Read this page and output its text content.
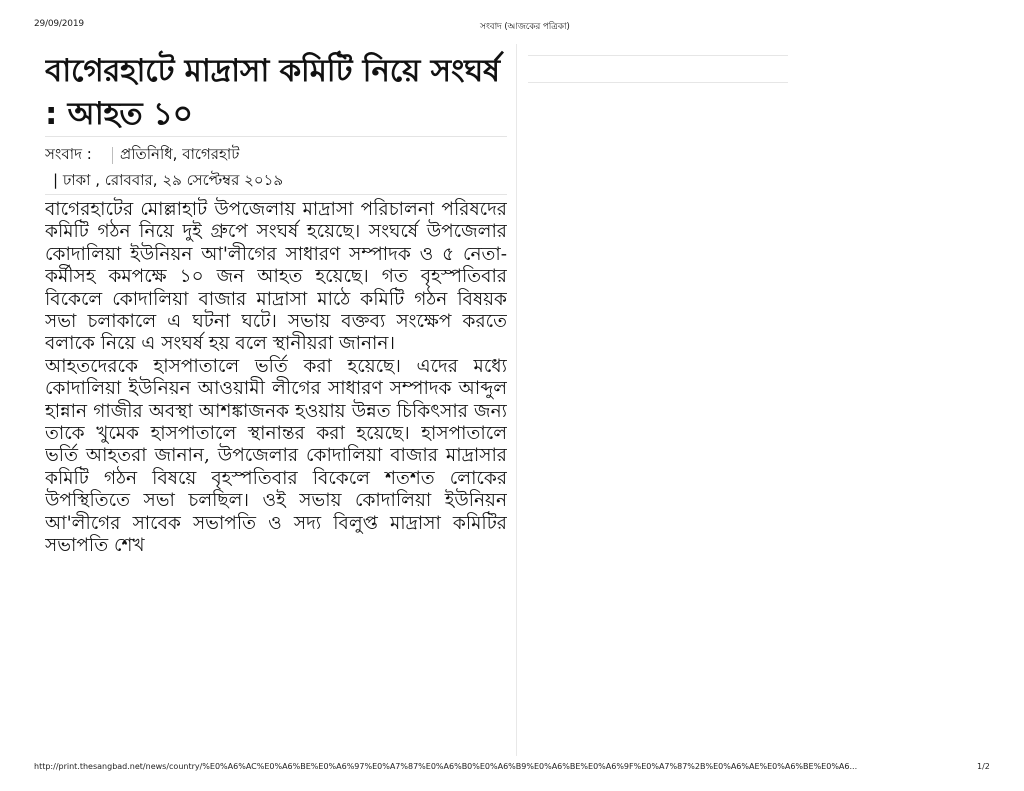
29/09/2019	সংবাদ (আজকের পত্রিকা)
বাগেরহাটে মাদ্রাসা কমিটি নিয়ে সংঘর্ষ : আহত ১০
সংবাদ :	প্রতিনিধি, বাগেরহাট
| ঢাকা , রোববার, ২৯ সেপ্টেম্বর ২০১৯

বাগেরহাটের মোল্লাহাট উপজেলায় মাদ্রাসা পরিচালনা পরিষদের কমিটি গঠন নিয়ে দুই গ্রুপে সংঘর্ষ হয়েছে। সংঘর্ষে উপজেলার কোদালিয়া ইউনিয়ন আ'লীগের সাধারণ সম্পাদক ও ৫ নেতা-কর্মীসহ কমপক্ষে ১০ জন আহত হয়েছে। গত বৃহস্পতিবার বিকেলে কোদালিয়া বাজার মাদ্রাসা মাঠে কমিটি গঠন বিষয়ক সভা চলাকালে এ ঘটনা ঘটে। সভায় বক্তব্য সংক্ষেপ করতে বলাকে নিয়ে এ সংঘর্ষ হয় বলে স্থানীয়রা জানান।

আহতদেরকে হাসপাতালে ভর্তি করা হয়েছে। এদের মধ্যে কোদালিয়া ইউনিয়ন আওয়ামী লীগের সাধারণ সম্পাদক আব্দুল হান্নান গাজীর অবস্থা আশঙ্কাজনক হওয়ায় উন্নত চিকিৎসার জন্য তাকে খুমেক হাসপাতালে স্থানান্তর করা হয়েছে। হাসপাতালে ভর্তি আহতরা জানান, উপজেলার কোদালিয়া বাজার মাদ্রাসার কমিটি গঠন বিষয়ে বৃহস্পতিবার বিকেলে শতশত লোকের উপস্থিতিতে সভা চলছিল। ওই সভায় কোদালিয়া ইউনিয়ন আ'লীগের সাবেক সভাপতি ও সদ্য বিলুপ্ত মাদ্রাসা কমিটির সভাপতি শেখ

http://print.thesangbad.net/news/country/%E0%A6%AC%E0%A6%BE%E0%A6%97%E0%A7%87%E0%A6%B0%E0%A6%B9%E0%A6%BE%E0%A6%9F%E0%A7%87%2B%E0%A6%AE%E0%A6%BE%E0%A6...	1/2
